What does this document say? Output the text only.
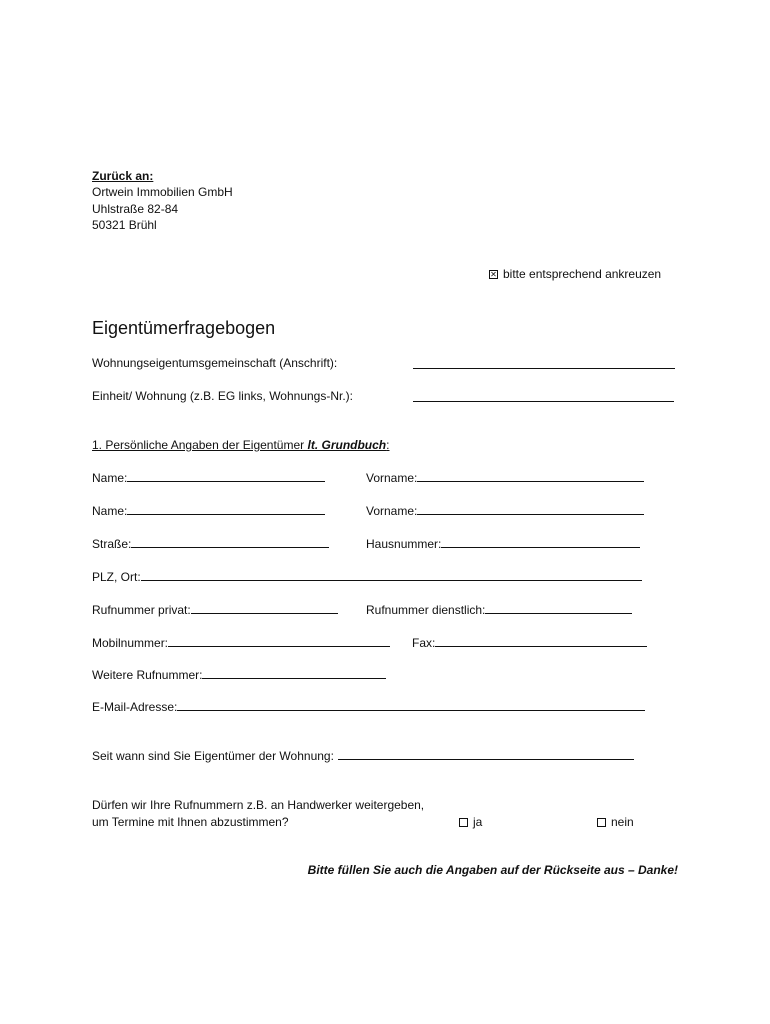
Zurück an:
Ortwein Immobilien GmbH
Uhlstraße 82-84
50321 Brühl
✕bitte entsprechend ankreuzen
Eigentümerfragebogen
Wohnungseigentumsgemeinschaft (Anschrift):
Einheit/ Wohnung (z.B. EG links, Wohnungs-Nr.):
1. Persönliche Angaben der Eigentümer lt. Grundbuch:
Name:	Vorname:
Name:	Vorname:
Straße:	Hausnummer:
PLZ, Ort:
Rufnummer privat:	Rufnummer dienstlich:
Mobilnummer:	Fax:
Weitere Rufnummer:
E-Mail-Adresse:
Seit wann sind Sie Eigentümer der Wohnung:
Dürfen wir Ihre Rufnummern z.B. an Handwerker weitergeben,
um Termine mit Ihnen abzustimmen?	ja	nein
Bitte füllen Sie auch die Angaben auf der Rückseite aus – Danke!
